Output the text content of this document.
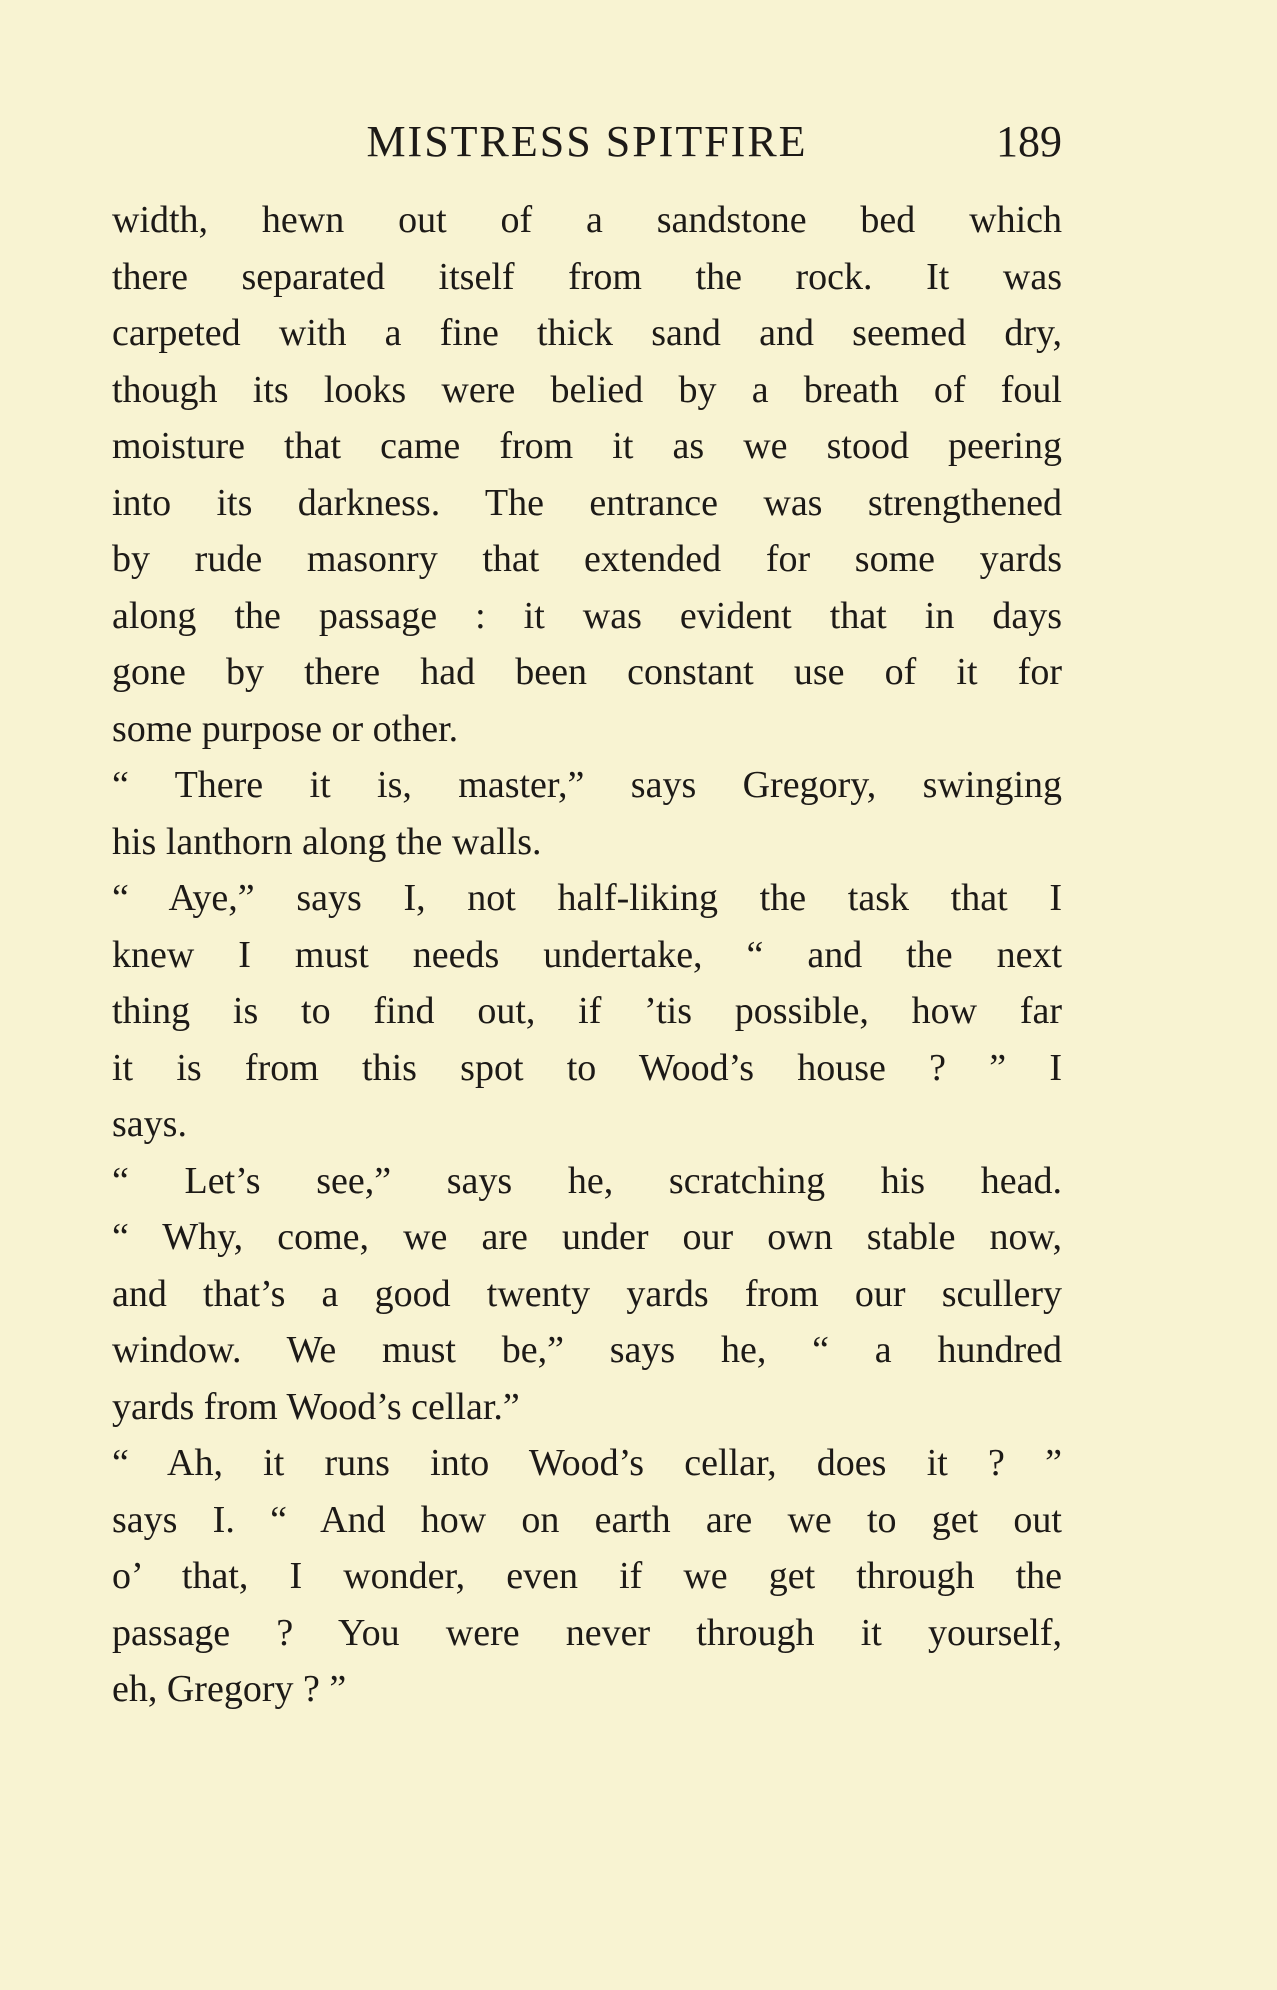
MISTRESS SPITFIRE	189
width, hewn out of a sandstone bed which
there separated itself from the rock. It was
carpeted with a fine thick sand and seemed dry,
though its looks were belied by a breath of foul
moisture that came from it as we stood peering
into its darkness. The entrance was strengthened
by rude masonry that extended for some yards
along the passage : it was evident that in days
gone by there had been constant use of it for
some purpose or other.
“ There it is, master,” says Gregory, swinging
his lanthorn along the walls.
“ Aye,” says I, not half-liking the task that I
knew I must needs undertake, “ and the next
thing is to find out, if ’tis possible, how far
it is from this spot to Wood’s house ? ” I
says.
“ Let’s see,” says he, scratching his head.
“ Why, come, we are under our own stable now,
and that’s a good twenty yards from our scullery
window. We must be,” says he, “ a hundred
yards from Wood’s cellar.”
“ Ah, it runs into Wood’s cellar, does it ? ”
says I. “ And how on earth are we to get out
o’ that, I wonder, even if we get through the
passage ? You were never through it yourself,
eh, Gregory ? ”
